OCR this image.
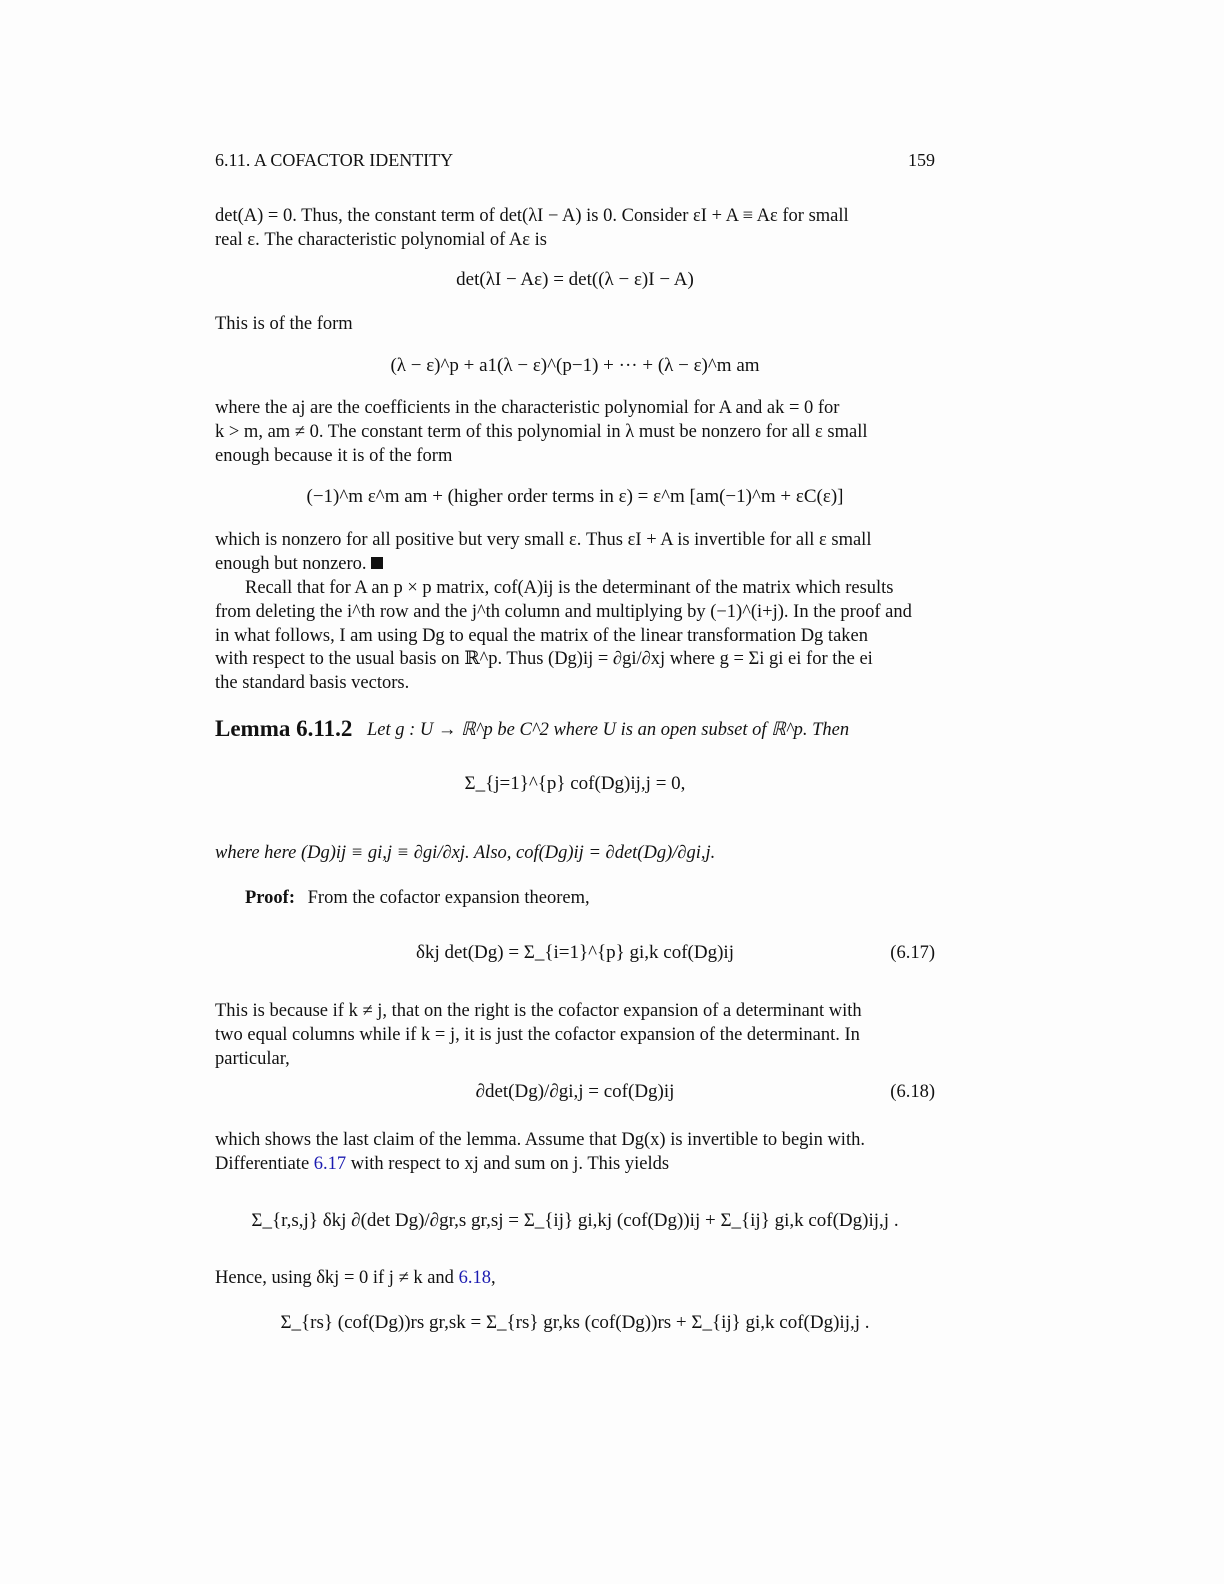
6.11. A COFACTOR IDENTITY	159
det(A) = 0. Thus, the constant term of det(λI − A) is 0. Consider εI + A ≡ Aε for small
real ε. The characteristic polynomial of Aε is
det(λI − Aε) = det((λ − ε)I − A)
This is of the form
(λ − ε)^p + a1(λ − ε)^(p−1) + ··· + (λ − ε)^m am
where the aj are the coefficients in the characteristic polynomial for A and ak = 0 for
k > m, am ≠ 0. The constant term of this polynomial in λ must be nonzero for all ε small
enough because it is of the form
(−1)^m ε^m am + (higher order terms in ε) = ε^m [am(−1)^m + εC(ε)]
which is nonzero for all positive but very small ε. Thus εI + A is invertible for all ε small
enough but nonzero.
Recall that for A an p × p matrix, cof(A)ij is the determinant of the matrix which results
from deleting the i^th row and the j^th column and multiplying by (−1)^(i+j). In the proof and
in what follows, I am using Dg to equal the matrix of the linear transformation Dg taken
with respect to the usual basis on ℝ^p. Thus (Dg)ij = ∂gi/∂xj where g = Σi gi ei for the ei
the standard basis vectors.
Lemma 6.11.2 Let g : U → ℝ^p be C^2 where U is an open subset of ℝ^p. Then
Σ_{j=1}^{p} cof(Dg)ij,j = 0,
where here (Dg)ij ≡ gi,j ≡ ∂gi/∂xj. Also, cof(Dg)ij = ∂det(Dg)/∂gi,j.
Proof: From the cofactor expansion theorem,
δkj det(Dg) = Σ_{i=1}^{p} gi,k cof(Dg)ij	(6.17)
This is because if k ≠ j, that on the right is the cofactor expansion of a determinant with
two equal columns while if k = j, it is just the cofactor expansion of the determinant. In
particular,
∂det(Dg)/∂gi,j = cof(Dg)ij	(6.18)
which shows the last claim of the lemma. Assume that Dg(x) is invertible to begin with.
Differentiate 6.17 with respect to xj and sum on j. This yields
Σ_{r,s,j} δkj ∂(det Dg)/∂gr,s gr,sj = Σ_{ij} gi,kj (cof(Dg))ij + Σ_{ij} gi,k cof(Dg)ij,j .
Hence, using δkj = 0 if j ≠ k and 6.18,
Σ_{rs} (cof(Dg))rs gr,sk = Σ_{rs} gr,ks (cof(Dg))rs + Σ_{ij} gi,k cof(Dg)ij,j .
